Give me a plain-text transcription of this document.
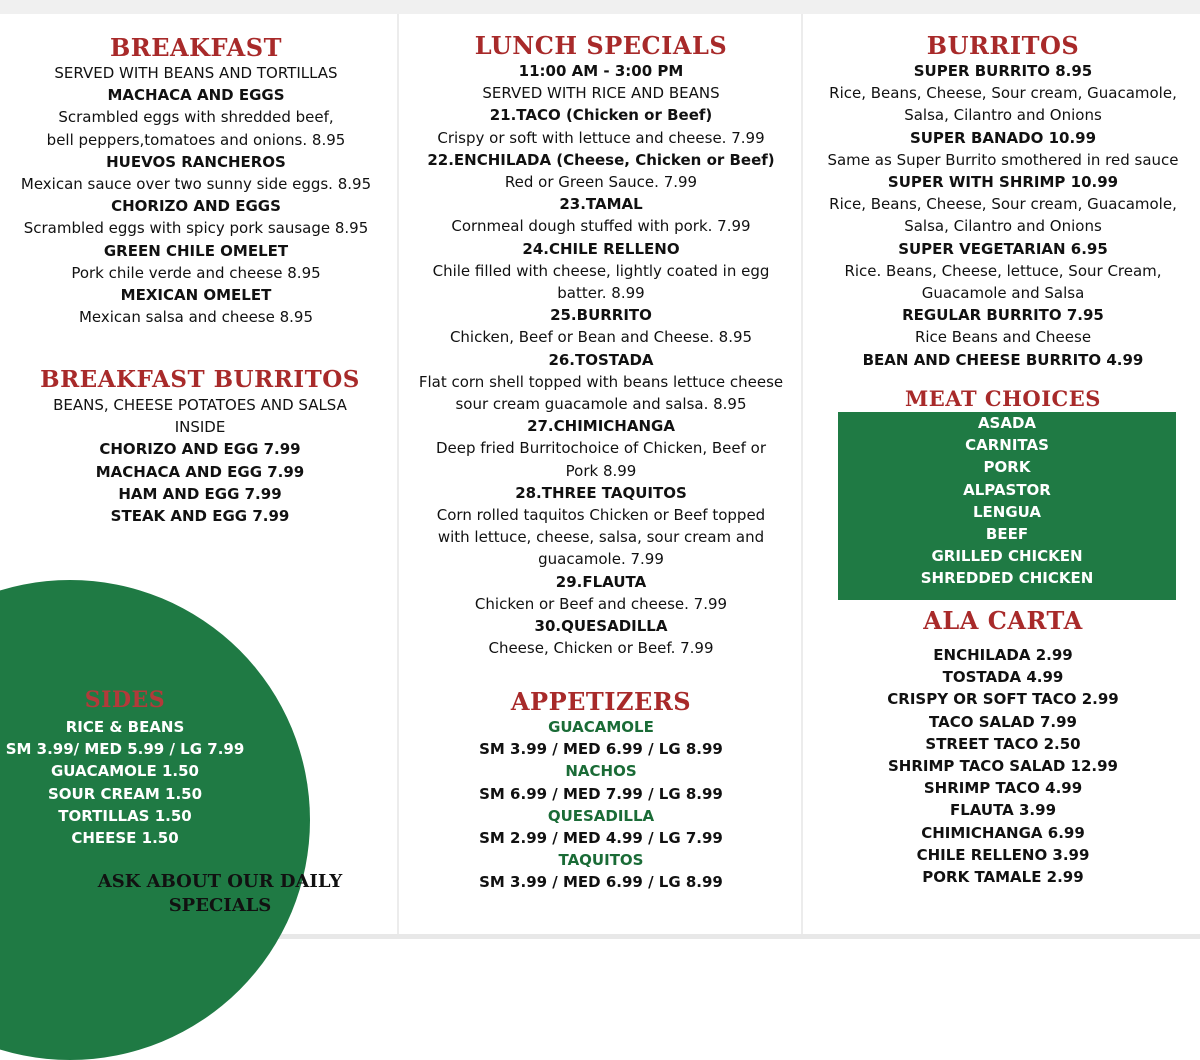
BREAKFAST
SERVED WITH BEANS AND TORTILLAS
MACHACA AND EGGS
Scrambled eggs with shredded beef,
bell peppers,tomatoes and onions. 8.95
HUEVOS RANCHEROS
Mexican sauce over two sunny side eggs. 8.95
CHORIZO AND EGGS
Scrambled eggs with spicy pork sausage 8.95
GREEN CHILE OMELET
Pork chile verde and cheese 8.95
MEXICAN OMELET
Mexican salsa and cheese 8.95
BREAKFAST BURRITOS
BEANS, CHEESE POTATOES AND SALSA
INSIDE
CHORIZO AND EGG 7.99
MACHACA AND EGG 7.99
HAM AND EGG 7.99
STEAK AND EGG 7.99
SIDES
RICE & BEANS
SM 3.99/ MED 5.99 / LG 7.99
GUACAMOLE 1.50
SOUR CREAM 1.50
TORTILLAS 1.50
CHEESE 1.50
ASK ABOUT OUR DAILY
SPECIALS
LUNCH SPECIALS
11:00 AM - 3:00 PM
SERVED WITH RICE AND BEANS
21.TACO (Chicken or Beef)
Crispy or soft with lettuce and cheese. 7.99
22.ENCHILADA (Cheese, Chicken or Beef)
Red or Green Sauce. 7.99
23.TAMAL
Cornmeal dough stuffed with pork. 7.99
24.CHILE RELLENO
Chile filled with cheese, lightly coated in egg
batter. 8.99
25.BURRITO
Chicken, Beef or Bean and Cheese. 8.95
26.TOSTADA
Flat corn shell topped with beans lettuce cheese
sour cream guacamole and salsa. 8.95
27.CHIMICHANGA
Deep fried Burritochoice of Chicken, Beef or
Pork 8.99
28.THREE TAQUITOS
Corn rolled taquitos Chicken or Beef topped
with lettuce, cheese, salsa, sour cream and
guacamole. 7.99
29.FLAUTA
Chicken or Beef and cheese. 7.99
30.QUESADILLA
Cheese, Chicken or Beef. 7.99
APPETIZERS
GUACAMOLE
SM 3.99 / MED 6.99 / LG 8.99
NACHOS
SM 6.99 / MED 7.99 / LG 8.99
QUESADILLA
SM 2.99 / MED 4.99 / LG 7.99
TAQUITOS
SM 3.99 / MED 6.99 / LG 8.99
BURRITOS
SUPER BURRITO 8.95
Rice, Beans, Cheese, Sour cream, Guacamole,
Salsa, Cilantro and Onions
SUPER BANADO 10.99
Same as Super Burrito smothered in red sauce
SUPER WITH SHRIMP 10.99
Rice, Beans, Cheese, Sour cream, Guacamole,
Salsa, Cilantro and Onions
SUPER VEGETARIAN 6.95
Rice. Beans, Cheese, lettuce, Sour Cream,
Guacamole and Salsa
REGULAR BURRITO 7.95
Rice Beans and Cheese
BEAN AND CHEESE BURRITO 4.99
MEAT CHOICES
ASADA
CARNITAS
PORK
ALPASTOR
LENGUA
BEEF
GRILLED CHICKEN
SHREDDED CHICKEN
ALA CARTA
ENCHILADA 2.99
TOSTADA 4.99
CRISPY OR SOFT TACO 2.99
TACO SALAD 7.99
STREET TACO 2.50
SHRIMP TACO SALAD 12.99
SHRIMP TACO 4.99
FLAUTA 3.99
CHIMICHANGA 6.99
CHILE RELLENO 3.99
PORK TAMALE 2.99
